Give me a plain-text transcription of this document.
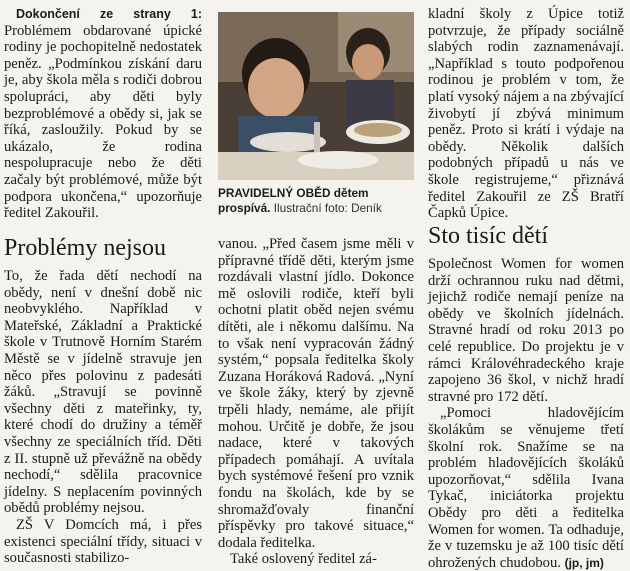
Dokončení ze strany 1: Problémem obdarované úpické rodiny je pochopitelně nedostatek peněz. „Podmínkou získání daru je, aby škola měla s rodiči dobrou spolupráci, aby děti byly bezproblémové a obědy si, jak se říká, zasloužily. Pokud by se ukázalo, že rodina nespolupracuje nebo že děti začaly být problémové, může být podpora ukončena,“ upozorňuje ředitel Zakouřil.

Problémy nejsou

To, že řada dětí nechodí na obědy, není v dnešní době nic neobvyklého. Například v Mateřské, Základní a Praktické škole v Trutnově Horním Starém Městě se v jídelně stravuje jen něco přes polovinu z padesáti žáků. „Stravují se povinně všechny děti z mateřinky, ty, které chodí do družiny a téměř všechny ze speciálních tříd. Děti z II. stupně už převážně na obědy nechodí,“ sdělila pracovnice jídelny. S neplacením povinných obědů problémy nejsou.

ZŠ V Domcích má, i přes existenci speciální třídy, situaci v současnosti stabilizo-

PRAVIDELNÝ OBĚD dětem prospívá. Ilustrační foto: Deník

vanou. „Před časem jsme měli v přípravné třídě děti, kterým jsme rozdávali vlastní jídlo. Dokonce mě oslovili rodiče, kteří byli ochotni platit oběd nejen svému dítěti, ale i někomu dalšímu. Na to však není vypracován žádný systém,“ popsala ředitelka školy Zuzana Horáková Radová. „Nyní ve škole žáky, který by zjevně trpěli hlady, nemáme, ale přijít mohou. Určitě je dobře, že jsou nadace, které v takových případech pomáhají. A uvítala bych systémové řešení pro vznik fondu na školách, kde by se shromažďovaly finanční příspěvky pro takové situace,“ dodala ředitelka.

Také oslovený ředitel zá-

kladní školy z Úpice totiž potvrzuje, že případy sociálně slabých rodin zaznamenávají. „Například s touto podpořenou rodinou je problém v tom, že platí vysoký nájem a na zbývající živobytí jí zbývá minimum peněz. Proto si krátí i výdaje na obědy. Několik dalších podobných případů u nás ve škole registrujeme,“ přiznává ředitel Zakouřil ze ZŠ Bratří Čapků Úpice.

Sto tisíc dětí

Společnost Women for women drží ochrannou ruku nad dětmi, jejichž rodiče nemají peníze na obědy ve školních jídelnách. Stravné hradí od roku 2013 po celé republice. Do projektu je v rámci Královéhradeckého kraje zapojeno 36 škol, v nichž hradí stravné pro 172 dětí.

„Pomoci hladovějícím školákům se věnujeme třetí školní rok. Snažíme se na problém hladovějících školáků upozorňovat,“ sdělila Ivana Tykač, iniciátorka projektu Obědy pro děti a ředitelka Women for women. Ta odhaduje, že v tuzemsku je až 100 tisíc dětí ohrožených chudobou. (jp, jm)
